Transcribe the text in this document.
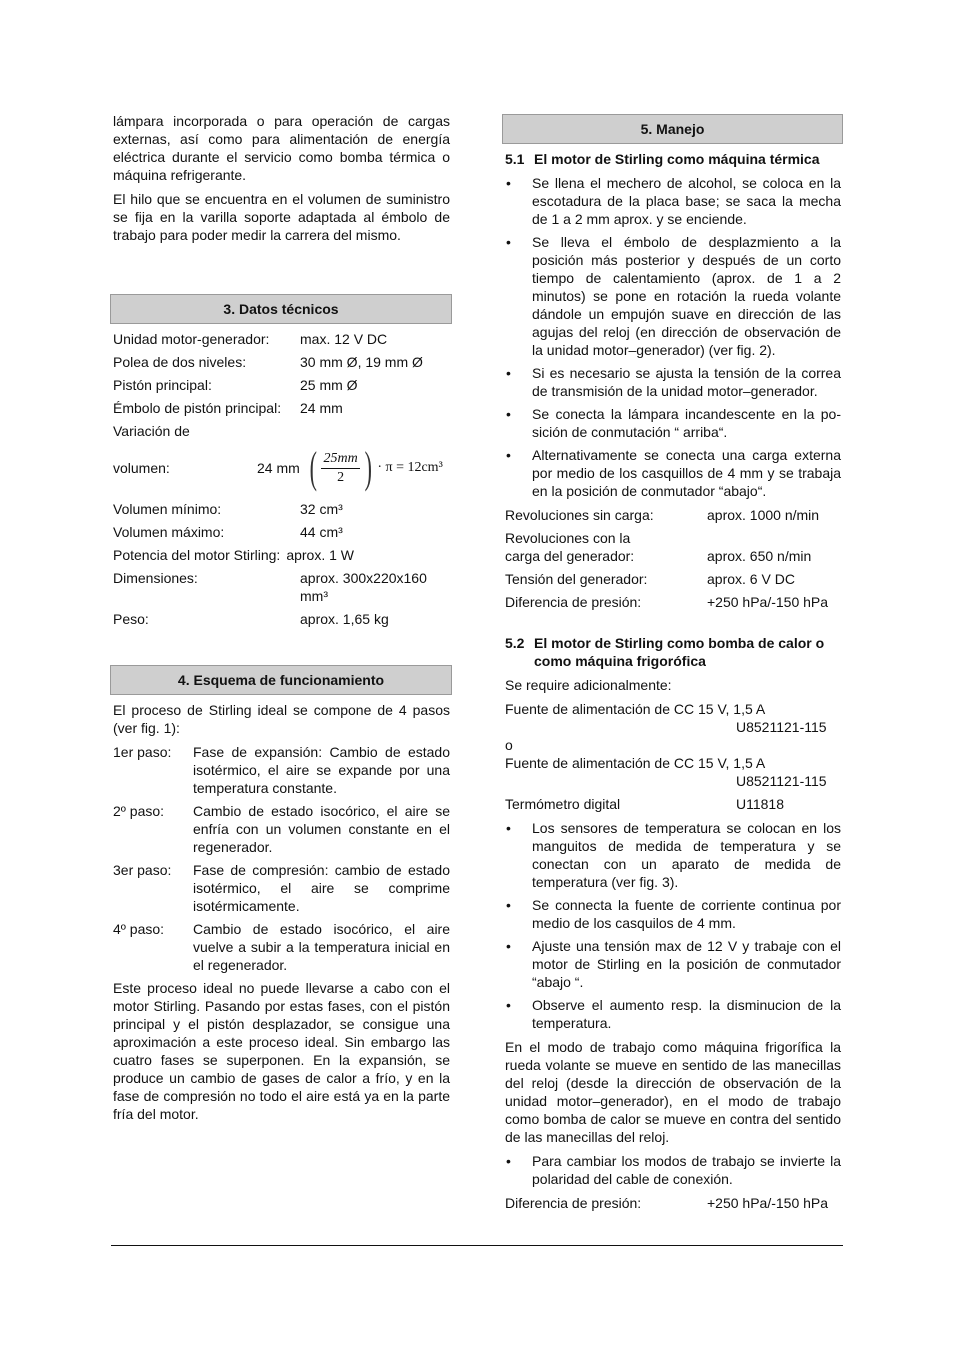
lámpara incorporada o para operación de cargas externas, así como para alimentación de energía eléctrica durante el servicio como bomba térmica o máquina refrigerante.

El hilo que se encuentra en el volumen de suministro se fija en la varilla soporte adaptada al émbolo de trabajo para poder medir la carrera del mismo.

3. Datos técnicos
Unidad motor-generador:	max. 12 V DC
Polea de dos niveles:	30 mm Ø, 19 mm Ø
Pistón principal:	25 mm Ø
Émbolo de pistón principal:	24 mm
Variación de
volumen:	24 mm ( $\frac{25mm}{2}$ ) · π = 12cm³
Volumen mínimo:	32 cm³
Volumen máximo:	44 cm³
Potencia del motor Stirling: aprox. 1 W
Dimensiones:	aprox. 300x220x160 mm³
Peso:	aprox. 1,65 kg
4. Esquema de funcionamiento

El proceso de Stirling ideal se compone de 4 pasos (ver fig. 1):

1er paso:	Fase de expansión: Cambio de estado isotérmico, el aire se expande por una temperatura constante.
2º paso:	Cambio de estado isocórico, el aire se enfría con un volumen constante en el regenerador.
3er paso:	Fase de compresión: cambio de estado isotérmico, el aire se comprime isotérmicamente.
4º paso:	Cambio de estado isocórico, el aire vuelve a subir a la temperatura inicial en el regenerador.

Este proceso ideal no puede llevarse a cabo con el motor Stirling. Pasando por estas fases, con el pistón principal y el pistón desplazador, se consigue una aproximación a este proceso ideal. Sin embargo las cuatro fases se superponen. En la expansión, se produce un cambio de gases de calor a frío, y en la fase de compresión no todo el aire está ya en la parte fría del motor.

5. Manejo
5.1 El motor de Stirling como máquina térmica
• Se llena el mechero de alcohol, se coloca en la escotadura de la placa base; se saca la mecha de 1 a 2 mm aprox. y se enciende.
• Se lleva el émbolo de desplazmiento a la posición más posterior y después de un corto tiempo de calentamiento (aprox. de 1 a 2 minutos) se pone en rotación la rueda volante dándole un empujón suave en dirección de las agujas del reloj (en dirección de observación de la unidad motor–generador) (ver fig. 2).
• Si es necesario se ajusta la tensión de la correa de transmisión de la unidad motor–generador.
• Se conecta la lámpara incandescente en la po-sición de conmutación “ arriba“.
• Alternativamente se conecta una carga externa por medio de los casquillos de 4 mm y se trabaja en la posición de conmutador “abajo“.
Revoluciones sin carga:	aprox. 1000 n/min
Revoluciones con la
carga del generador:	aprox. 650 n/min
Tensión del generador:	aprox. 6 V DC
Diferencia de presión:	+250 hPa/-150 hPa
5.2 El motor de Stirling como bomba de calor o como máquina frigorófica

Se require adicionalmente:

Fuente de alimentación de CC 15 V, 1,5 A
U8521121-115
o
Fuente de alimentación de CC 15 V, 1,5 A
U8521121-115
Termómetro digital	U11818
• Los sensores de temperatura se colocan en los manguitos de medida de temperatura y se conectan con un aparato de medida de temperatura (ver fig. 3).
• Se connecta la fuente de corriente continua por medio de los casquilos de 4 mm.
• Ajuste una tensión max de 12 V y trabaje con el motor de Stirling en la posición de conmutador “abajo “.
• Observe el aumento resp. la disminucion de la temperatura.

En el modo de trabajo como máquina frigorífica la rueda volante se mueve en sentido de las manecillas del reloj (desde la dirección de observación de la unidad motor–generador), en el modo de trabajo como bomba de calor se mueve en contra del sentido de las manecillas del reloj.

• Para cambiar los modos de trabajo se invierte la polaridad del cable de conexión.
Diferencia de presión:	+250 hPa/-150 hPa
